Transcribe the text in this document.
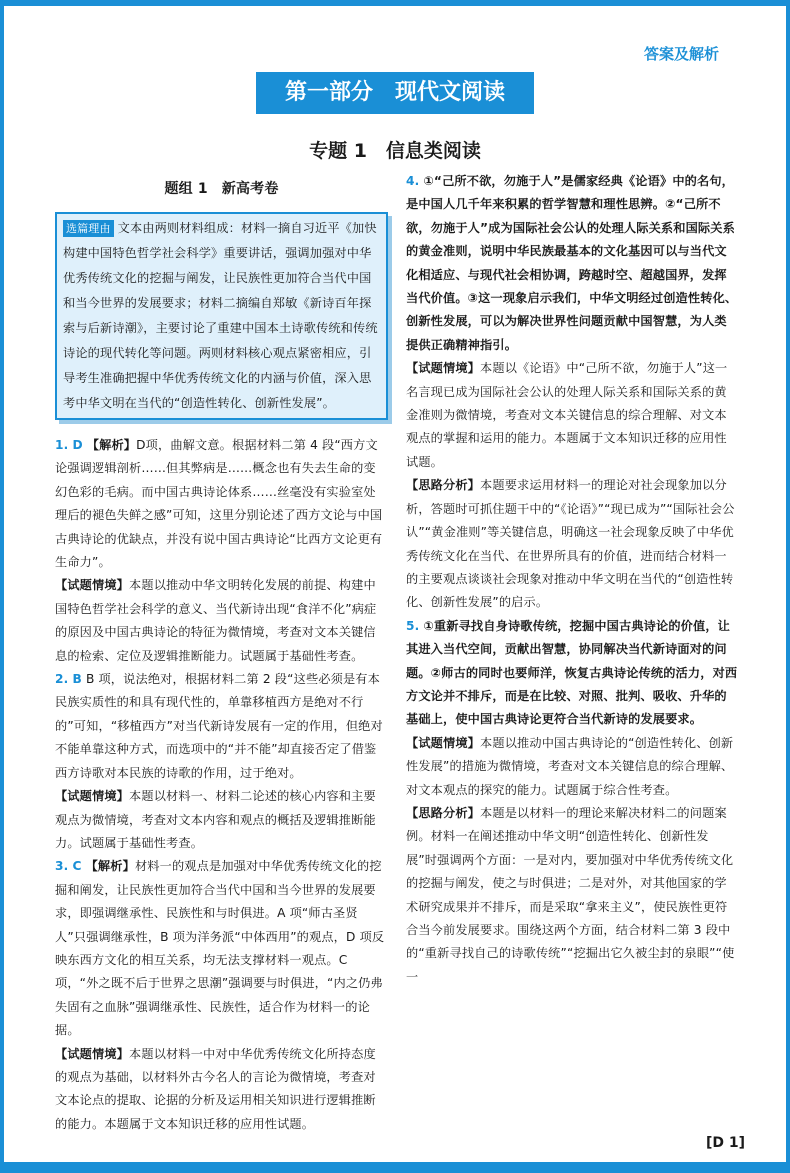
答案及解析
第一部分　现代文阅读
专题 1　信息类阅读
题组 1　新高考卷
选篇理由 文本由两则材料组成：材料一摘自习近平《加快构建中国特色哲学社会科学》重要讲话，强调加强对中华优秀传统文化的挖掘与阐发，让民族性更加符合当代中国和当今世界的发展要求；材料二摘编自郑敏《新诗百年探索与后新诗潮》，主要讨论了重建中国本土诗歌传统和传统诗论的现代转化等问题。两则材料核心观点紧密相应，引导考生准确把握中华优秀传统文化的内涵与价值，深入思考中华文明在当代的“创造性转化、创新性发展”。

1. D 【解析】D项，曲解文意。根据材料二第 4 段“西方文论强调逻辑剖析……但其弊病是……概念也有失去生命的变幻色彩的毛病。而中国古典诗论体系……丝毫没有实验室处理后的褪色失鲜之感”可知，这里分别论述了西方文论与中国古典诗论的优缺点，并没有说中国古典诗论“比西方文论更有生命力”。

【试题情境】本题以推动中华文明转化发展的前提、构建中国特色哲学社会科学的意义、当代新诗出现“食洋不化”病症的原因及中国古典诗论的特征为微情境，考查对文本关键信息的检索、定位及逻辑推断能力。试题属于基础性考查。

2. B B 项，说法绝对，根据材料二第 2 段“这些必须是有本民族实质性的和具有现代性的，单靠移植西方是绝对不行的”可知，“移植西方”对当代新诗发展有一定的作用，但绝对不能单靠这种方式，而选项中的“并不能”却直接否定了借鉴西方诗歌对本民族的诗歌的作用，过于绝对。

【试题情境】本题以材料一、材料二论述的核心内容和主要观点为微情境，考查对文本内容和观点的概括及逻辑推断能力。试题属于基础性考查。

3. C 【解析】材料一的观点是加强对中华优秀传统文化的挖掘和阐发，让民族性更加符合当代中国和当今世界的发展要求，即强调继承性、民族性和与时俱进。A 项“师古圣贤人”只强调继承性，B 项为洋务派“中体西用”的观点，D 项反映东西方文化的相互关系，均无法支撑材料一观点。C 项，“外之既不后于世界之思潮”强调要与时俱进，“内之仍弗失固有之血脉”强调继承性、民族性，适合作为材料一的论据。

【试题情境】本题以材料一中对中华优秀传统文化所持态度的观点为基础，以材料外古今名人的言论为微情境，考查对文本论点的提取、论据的分析及运用相关知识进行逻辑推断的能力。本题属于文本知识迁移的应用性试题。

4. ①“己所不欲，勿施于人”是儒家经典《论语》中的名句，是中国人几千年来积累的哲学智慧和理性思辨。②“己所不欲，勿施于人”成为国际社会公认的处理人际关系和国际关系的黄金准则，说明中华民族最基本的文化基因可以与当代文化相适应、与现代社会相协调，跨越时空、超越国界，发挥当代价值。③这一现象启示我们，中华文明经过创造性转化、创新性发展，可以为解决世界性问题贡献中国智慧，为人类提供正确精神指引。

【试题情境】本题以《论语》中“己所不欲，勿施于人”这一名言现已成为国际社会公认的处理人际关系和国际关系的黄金准则为微情境，考查对文本关键信息的综合理解、对文本观点的掌握和运用的能力。本题属于文本知识迁移的应用性试题。

【思路分析】本题要求运用材料一的理论对社会现象加以分析，答题时可抓住题干中的“《论语》”“现已成为”“国际社会公认”“黄金准则”等关键信息，明确这一社会现象反映了中华优秀传统文化在当代、在世界所具有的价值，进而结合材料一的主要观点谈谈社会现象对推动中华文明在当代的“创造性转化、创新性发展”的启示。

5. ①重新寻找自身诗歌传统，挖掘中国古典诗论的价值，让其进入当代空间，贡献出智慧，协同解决当代新诗面对的问题。②师古的同时也要师洋，恢复古典诗论传统的活力，对西方文论并不排斥，而是在比较、对照、批判、吸收、升华的基础上，使中国古典诗论更符合当代新诗的发展要求。

【试题情境】本题以推动中国古典诗论的“创造性转化、创新性发展”的措施为微情境，考查对文本关键信息的综合理解、对文本观点的探究的能力。试题属于综合性考查。

【思路分析】本题是以材料一的理论来解决材料二的问题案例。材料一在阐述推动中华文明“创造性转化、创新性发展”时强调两个方面：一是对内，要加强对中华优秀传统文化的挖掘与阐发，使之与时俱进；二是对外，对其他国家的学术研究成果并不排斥，而是采取“拿来主义”，使民族性更符合当今前发展要求。围绕这两个方面，结合材料二第 3 段中的“重新寻找自己的诗歌传统”“挖掘出它久被尘封的泉眼”“使一

[D 1]
